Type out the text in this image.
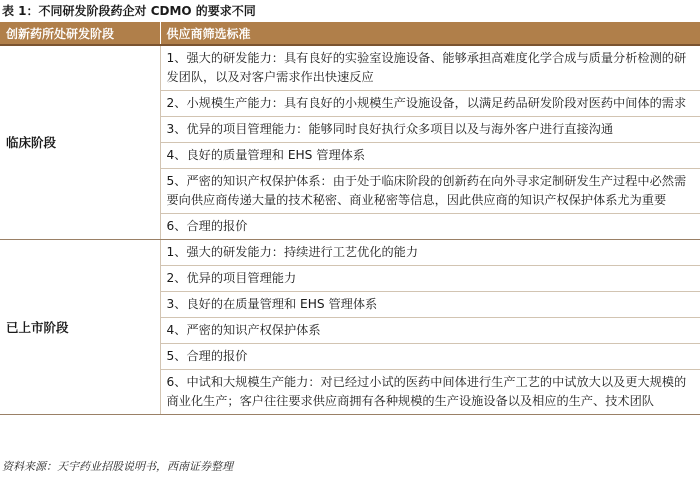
表 1：不同研发阶段药企对 CDMO 的要求不同
创新药所处研发阶段	供应商筛选标准
临床阶段	1、强大的研发能力：具有良好的实验室设施设备、能够承担高难度化学合成与质量分析检测的研发团队，以及对客户需求作出快速反应
	2、小规模生产能力：具有良好的小规模生产设施设备，以满足药品研发阶段对医药中间体的需求
	3、优异的项目管理能力：能够同时良好执行众多项目以及与海外客户进行直接沟通
	4、良好的质量管理和 EHS 管理体系
	5、严密的知识产权保护体系：由于处于临床阶段的创新药在向外寻求定制研发生产过程中必然需要向供应商传递大量的技术秘密、商业秘密等信息，因此供应商的知识产权保护体系尤为重要
	6、合理的报价
已上市阶段	1、强大的研发能力：持续进行工艺优化的能力
	2、优异的项目管理能力
	3、良好的在质量管理和 EHS 管理体系
	4、严密的知识产权保护体系
	5、合理的报价
	6、中试和大规模生产能力：对已经过小试的医药中间体进行生产工艺的中试放大以及更大规模的商业化生产；客户往往要求供应商拥有各种规模的生产设施设备以及相应的生产、技术团队
资料来源：天宇药业招股说明书，西南证券整理
